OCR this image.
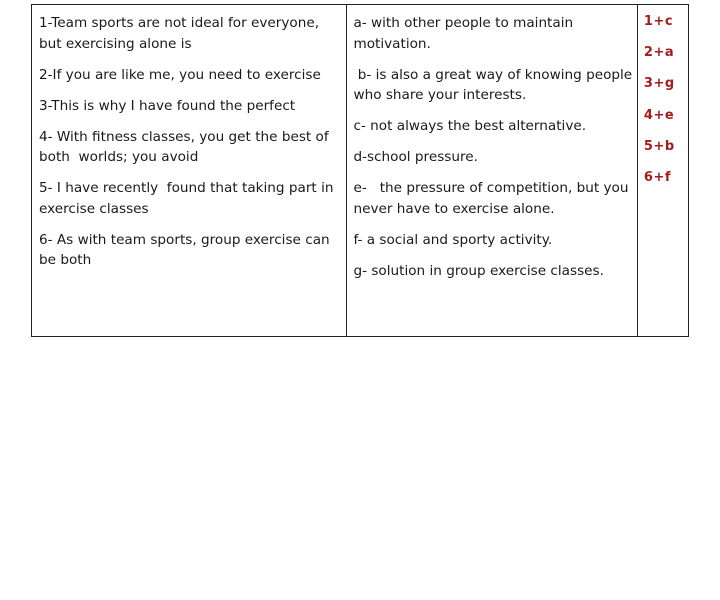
1-Team sports are not ideal for everyone,
but exercising alone is
2-If you are like me, you need to exercise
3-This is why I have found the perfect
4- With fitness classes, you get the best of
both  worlds; you avoid
5- I have recently  found that taking part in
exercise classes
6- As with team sports, group exercise can
be both

a- with other people to maintain
motivation.
b- is also a great way of knowing people
who share your interests.
c- not always the best alternative.
d-school pressure.
e-   the pressure of competition, but you
never have to exercise alone.
f- a social and sporty activity.
g- solution in group exercise classes.

1+c
2+a
3+g
4+e
5+b
6+f
